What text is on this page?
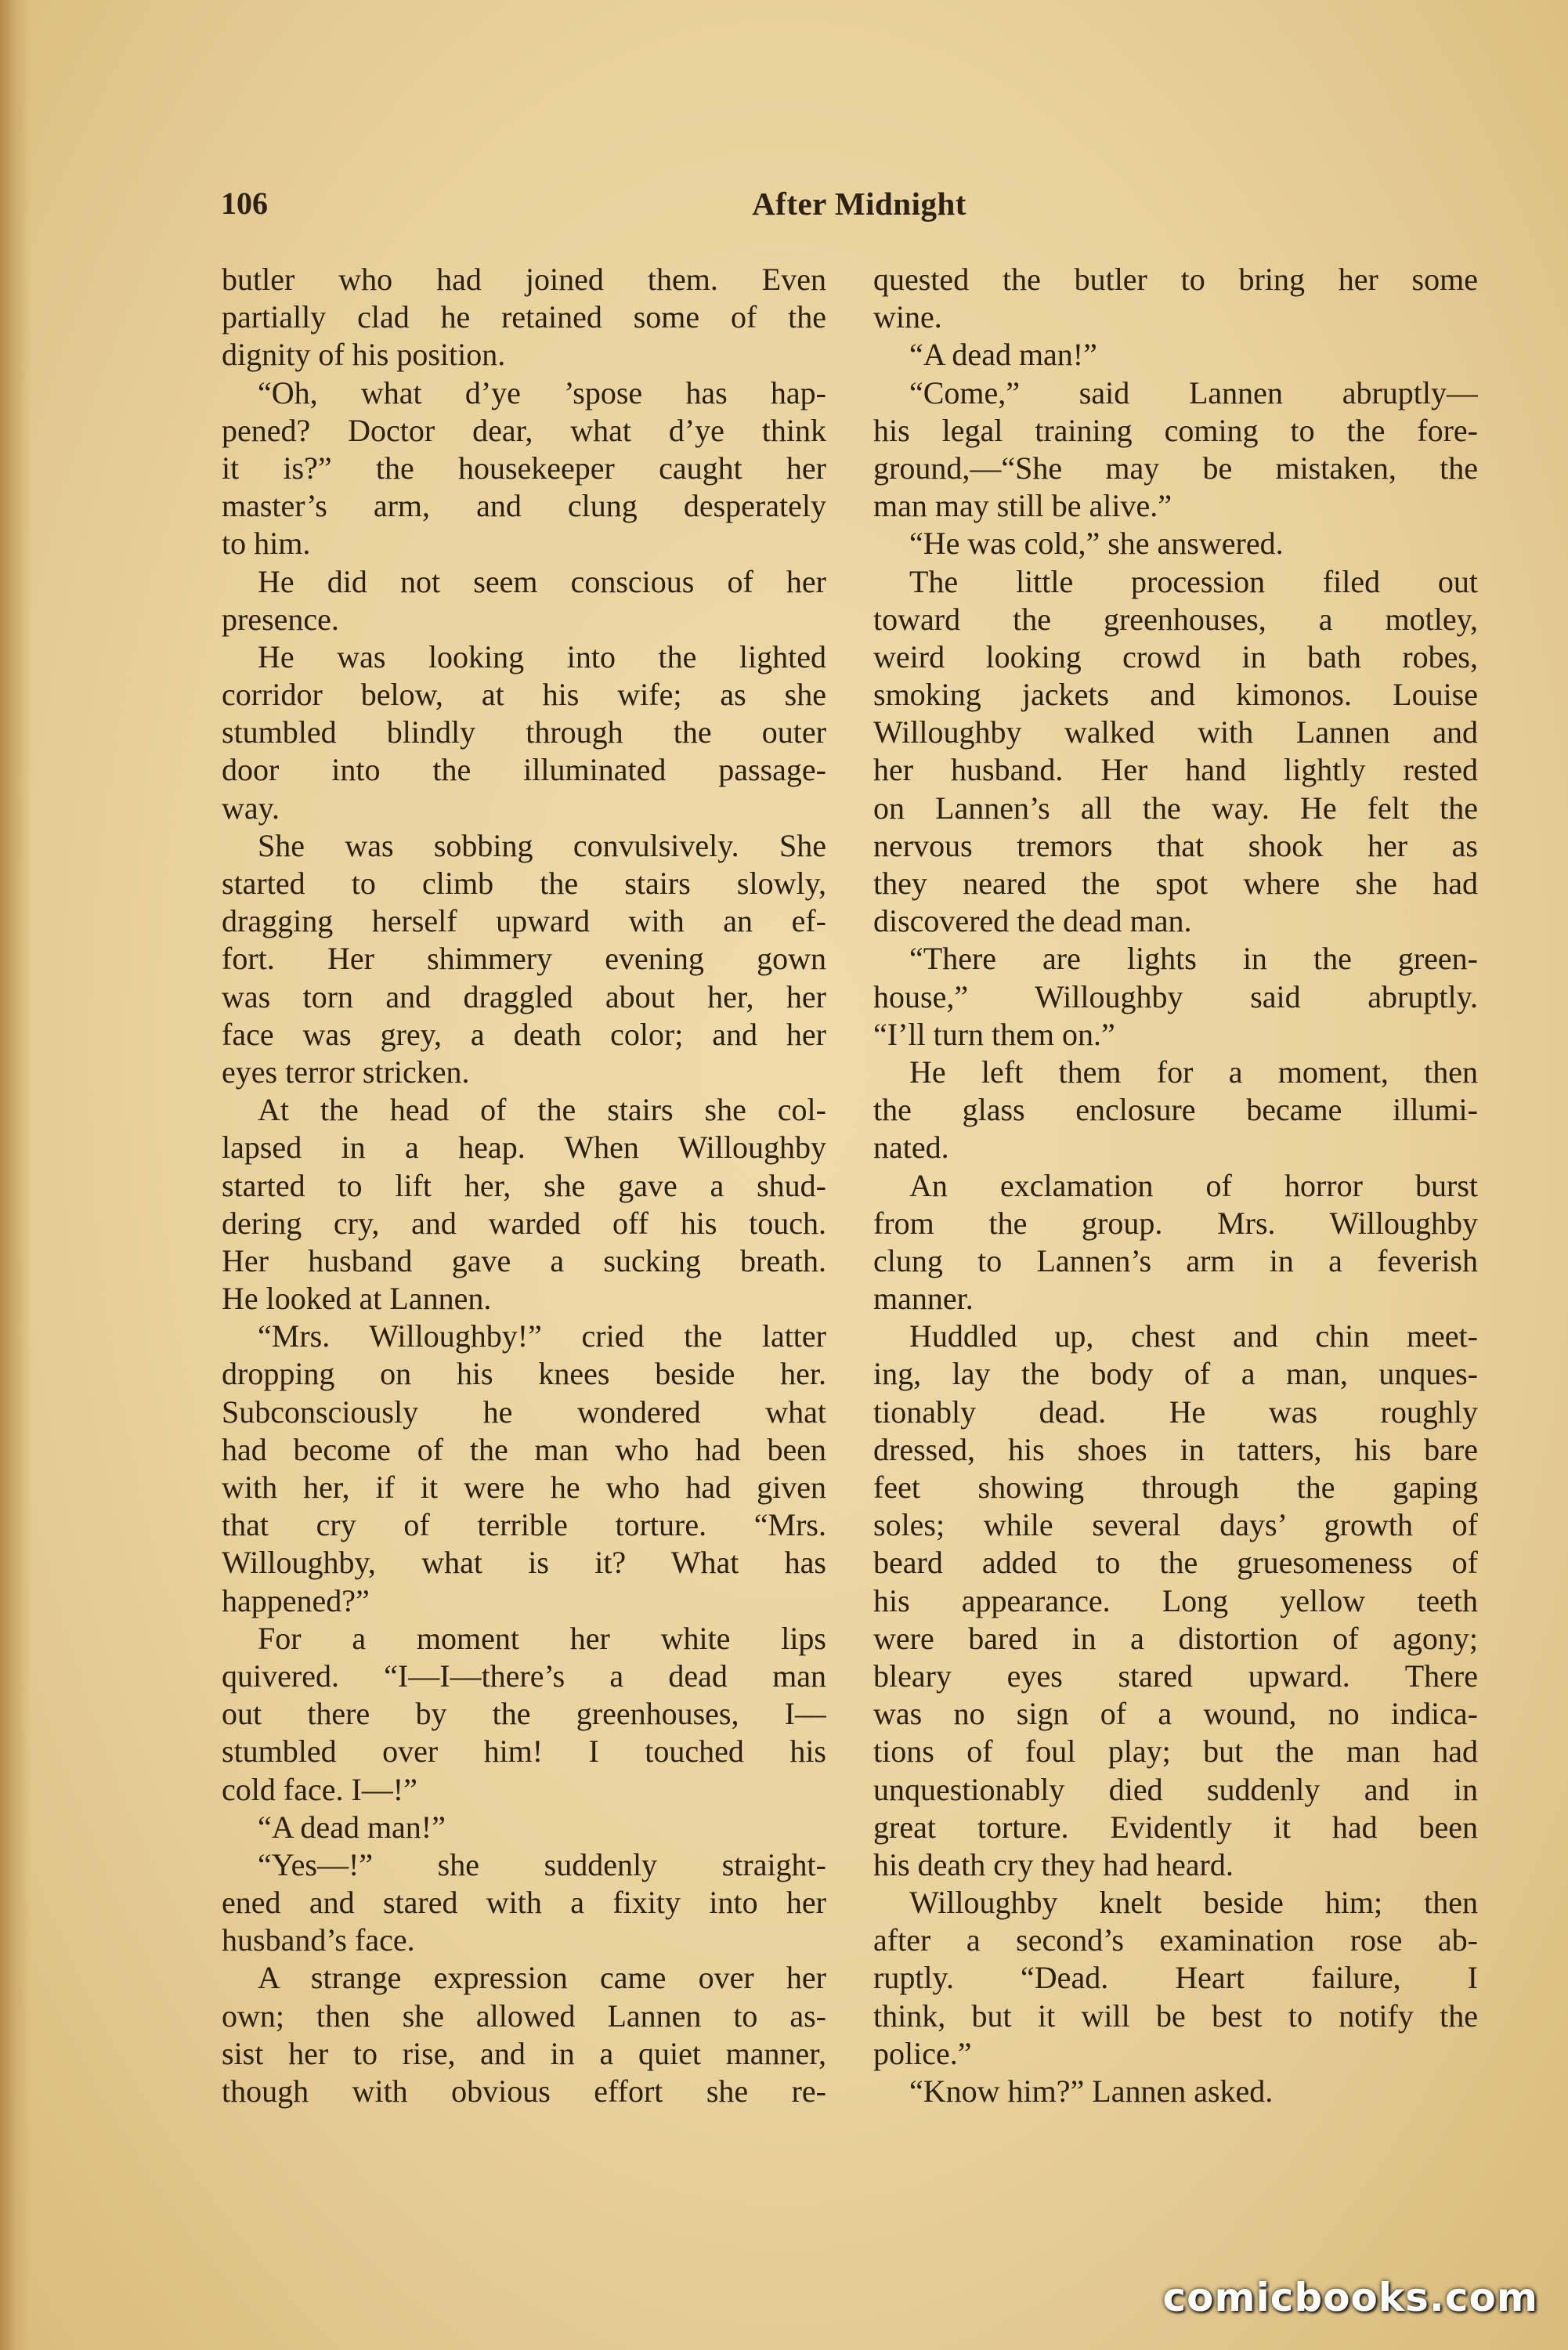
106	After Midnight
butler who had joined them. Even
partially clad he retained some of the
dignity of his position.
“Oh, what d’ye ’spose has hap-
pened? Doctor dear, what d’ye think
it is?” the housekeeper caught her
master’s arm, and clung desperately
to him.
He did not seem conscious of her
presence.
He was looking into the lighted
corridor below, at his wife; as she
stumbled blindly through the outer
door into the illuminated passage-
way.
She was sobbing convulsively. She
started to climb the stairs slowly,
dragging herself upward with an ef-
fort. Her shimmery evening gown
was torn and draggled about her, her
face was grey, a death color; and her
eyes terror stricken.
At the head of the stairs she col-
lapsed in a heap. When Willoughby
started to lift her, she gave a shud-
dering cry, and warded off his touch.
Her husband gave a sucking breath.
He looked at Lannen.
“Mrs. Willoughby!” cried the latter
dropping on his knees beside her.
Subconsciously he wondered what
had become of the man who had been
with her, if it were he who had given
that cry of terrible torture. “Mrs.
Willoughby, what is it? What has
happened?”
For a moment her white lips
quivered. “I—I—there’s a dead man
out there by the greenhouses, I—
stumbled over him! I touched his
cold face. I—!”
“A dead man!”
“Yes—!” she suddenly straight-
ened and stared with a fixity into her
husband’s face.
A strange expression came over her
own; then she allowed Lannen to as-
sist her to rise, and in a quiet manner,
though with obvious effort she re-
quested the butler to bring her some
wine.
“A dead man!”
“Come,” said Lannen abruptly—
his legal training coming to the fore-
ground,—“She may be mistaken, the
man may still be alive.”
“He was cold,” she answered.
The little procession filed out
toward the greenhouses, a motley,
weird looking crowd in bath robes,
smoking jackets and kimonos. Louise
Willoughby walked with Lannen and
her husband. Her hand lightly rested
on Lannen’s all the way. He felt the
nervous tremors that shook her as
they neared the spot where she had
discovered the dead man.
“There are lights in the green-
house,” Willoughby said abruptly.
“I’ll turn them on.”
He left them for a moment, then
the glass enclosure became illumi-
nated.
An exclamation of horror burst
from the group. Mrs. Willoughby
clung to Lannen’s arm in a feverish
manner.
Huddled up, chest and chin meet-
ing, lay the body of a man, unques-
tionably dead. He was roughly
dressed, his shoes in tatters, his bare
feet showing through the gaping
soles; while several days’ growth of
beard added to the gruesomeness of
his appearance. Long yellow teeth
were bared in a distortion of agony;
bleary eyes stared upward. There
was no sign of a wound, no indica-
tions of foul play; but the man had
unquestionably died suddenly and in
great torture. Evidently it had been
his death cry they had heard.
Willoughby knelt beside him; then
after a second’s examination rose ab-
ruptly. “Dead. Heart failure, I
think, but it will be best to notify the
police.”
“Know him?” Lannen asked.
comicbooks.com
